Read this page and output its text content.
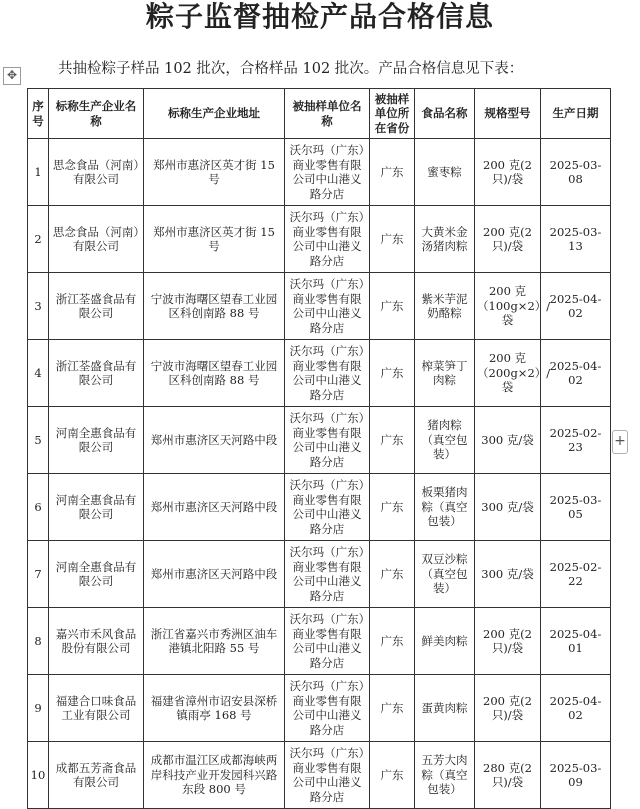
粽子监督抽检产品合格信息
✥	共抽检粽子样品 102 批次，合格样品 102 批次。产品合格信息见下表：
序号	标称生产企业名称	标称生产企业地址	被抽样单位名称	被抽样单位所在省份	食品名称	规格型号	生产日期
1	思念食品（河南）有限公司	郑州市惠济区英才街 15 号	沃尔玛（广东）商业零售有限公司中山港义路分店	广东	蜜枣粽	200 克(2只)/袋	2025-03-08
2	思念食品（河南）有限公司	郑州市惠济区英才街 15 号	沃尔玛（广东）商业零售有限公司中山港义路分店	广东	大黄米金汤猪肉粽	200 克(2只)/袋	2025-03-13
3	浙江荃盛食品有限公司	宁波市海曙区望春工业园区科创南路 88 号	沃尔玛（广东）商业零售有限公司中山港义路分店	广东	紫米芋泥奶酪粽	200 克（100g×2）/袋	2025-04-02
4	浙江荃盛食品有限公司	宁波市海曙区望春工业园区科创南路 88 号	沃尔玛（广东）商业零售有限公司中山港义路分店	广东	榨菜笋丁肉粽	200 克（200g×2）/袋	2025-04-02
5	河南全惠食品有限公司	郑州市惠济区天河路中段	沃尔玛（广东）商业零售有限公司中山港义路分店	广东	猪肉粽（真空包装）	300 克/袋	2025-02-23
6	河南全惠食品有限公司	郑州市惠济区天河路中段	沃尔玛（广东）商业零售有限公司中山港义路分店	广东	板栗猪肉粽（真空包装）	300 克/袋	2025-03-05
7	河南全惠食品有限公司	郑州市惠济区天河路中段	沃尔玛（广东）商业零售有限公司中山港义路分店	广东	双豆沙粽（真空包装）	300 克/袋	2025-02-22
8	嘉兴市禾风食品股份有限公司	浙江省嘉兴市秀洲区油车港镇北阳路 55 号	沃尔玛（广东）商业零售有限公司中山港义路分店	广东	鲜美肉粽	200 克(2只)/袋	2025-04-01
9	福建合口味食品工业有限公司	福建省漳州市诏安县深桥镇雨亭 168 号	沃尔玛（广东）商业零售有限公司中山港义路分店	广东	蛋黄肉粽	200 克(2只)/袋	2025-04-02
10	成都五芳斋食品有限公司	成都市温江区成都海峡两岸科技产业开发园科兴路东段 800 号	沃尔玛（广东）商业零售有限公司中山港义路分店	广东	五芳大肉粽（真空包装）	280 克(2只)/袋	2025-03-09
+
